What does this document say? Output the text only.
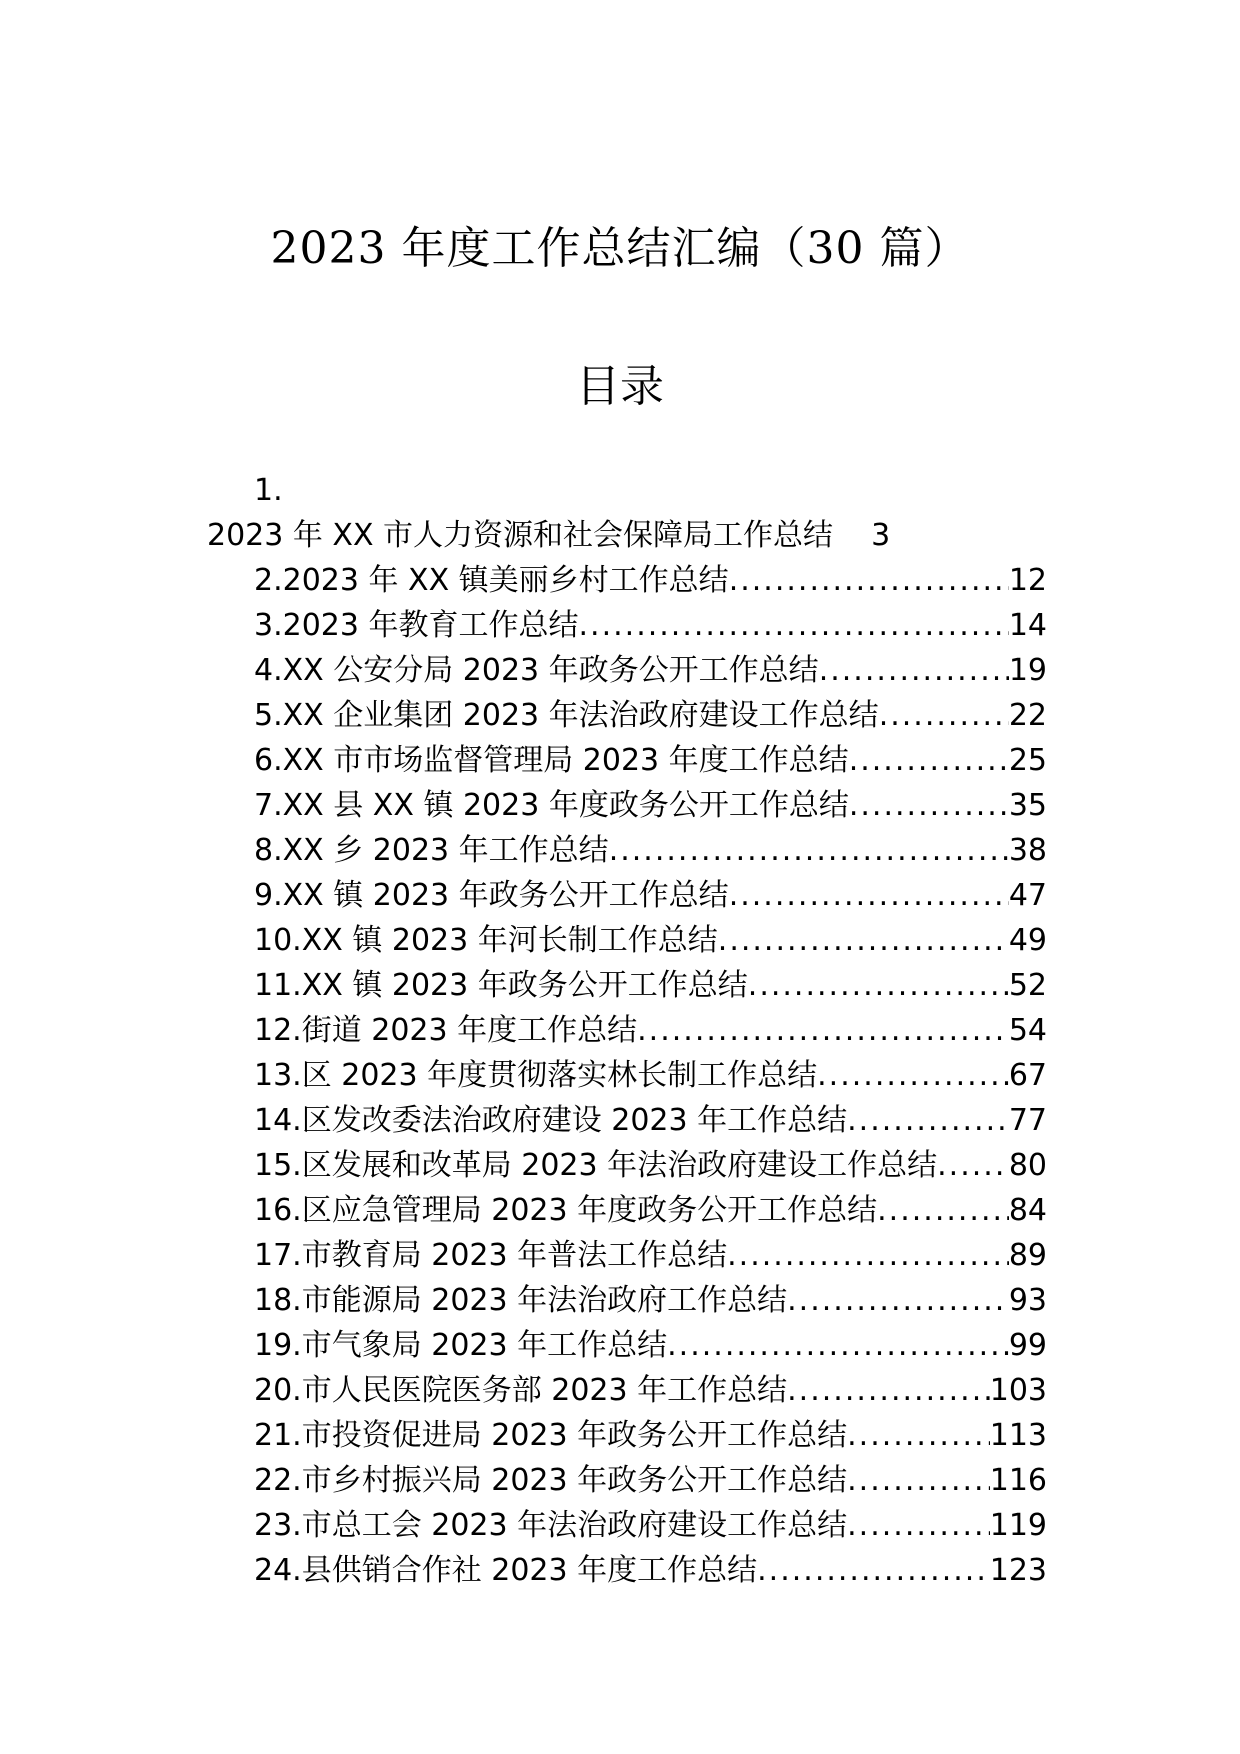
2023 年度工作总结汇编（30 篇）
目录
1.
2023 年 XX 市人力资源和社会保障局工作总结 3
2.2023 年 XX 镇美丽乡村工作总结 .....	12
3.2023 年教育工作总结 .....	14
4.XX 公安分局 2023 年政务公开工作总结 .....	19
5.XX 企业集团 2023 年法治政府建设工作总结 .....	22
6.XX 市市场监督管理局 2023 年度工作总结 .....	25
7.XX 县 XX 镇 2023 年度政务公开工作总结 .....	35
8.XX 乡 2023 年工作总结 .....	38
9.XX 镇 2023 年政务公开工作总结 .....	47
10.XX 镇 2023 年河长制工作总结 .....	49
11.XX 镇 2023 年政务公开工作总结 .....	52
12.街道 2023 年度工作总结 .....	54
13.区 2023 年度贯彻落实林长制工作总结 .....	67
14.区发改委法治政府建设 2023 年工作总结 .....	77
15.区发展和改革局 2023 年法治政府建设工作总结 ..... 80
16.区应急管理局 2023 年度政务公开工作总结 .....	84
17.市教育局 2023 年普法工作总结 .....	89
18.市能源局 2023 年法治政府工作总结 .....	93
19.市气象局 2023 年工作总结 .....	99
20.市人民医院医务部 2023 年工作总结 .....	103
21.市投资促进局 2023 年政务公开工作总结 .....	113
22.市乡村振兴局 2023 年政务公开工作总结 .....	116
23.市总工会 2023 年法治政府建设工作总结 .....	119
24.县供销合作社 2023 年度工作总结 .....	123
